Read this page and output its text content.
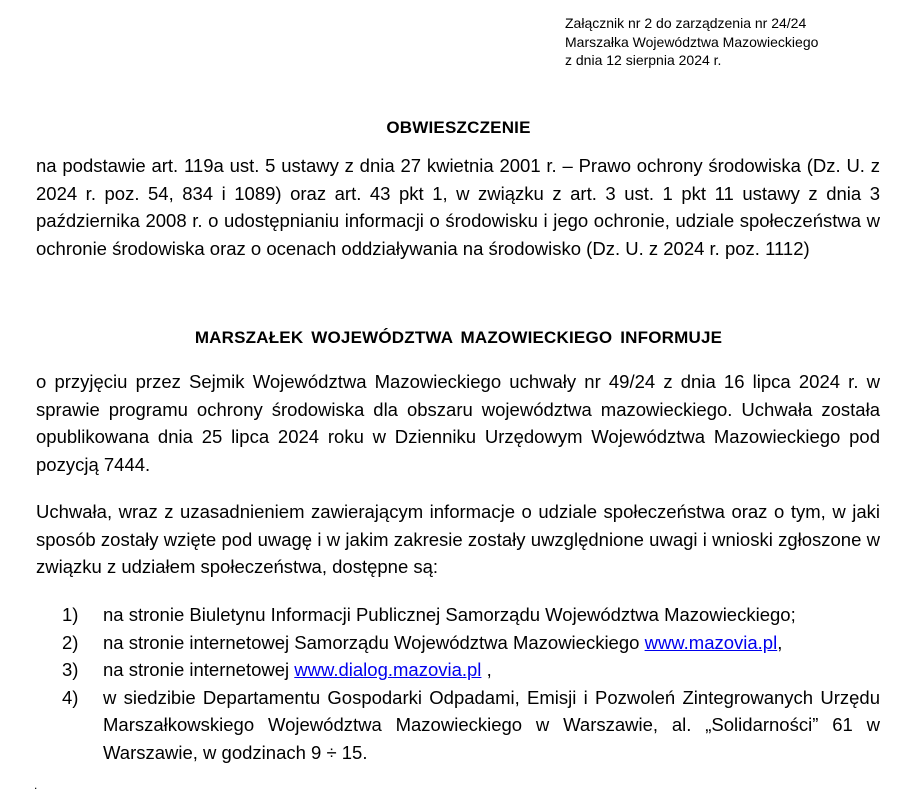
Załącznik nr 2 do zarządzenia nr 24/24
Marszałka Województwa Mazowieckiego
z dnia 12 sierpnia 2024 r.
OBWIESZCZENIE
na podstawie art. 119a ust. 5 ustawy z dnia 27 kwietnia 2001 r. – Prawo ochrony środowiska (Dz. U. z 2024 r. poz. 54, 834 i 1089) oraz art. 43 pkt 1, w związku z art. 3 ust. 1 pkt 11 ustawy z dnia 3 października 2008 r. o udostępnianiu informacji o środowisku i jego ochronie, udziale społeczeństwa w ochronie środowiska oraz o ocenach oddziaływania na środowisko (Dz. U. z 2024 r. poz. 1112)
MARSZAŁEK WOJEWÓDZTWA MAZOWIECKIEGO INFORMUJE
o przyjęciu przez Sejmik Województwa Mazowieckiego uchwały nr 49/24 z dnia 16 lipca 2024 r. w sprawie programu ochrony środowiska dla obszaru województwa mazowieckiego. Uchwała została opublikowana dnia 25 lipca 2024 roku w Dzienniku Urzędowym Województwa Mazowieckiego pod pozycją 7444.
Uchwała, wraz z uzasadnieniem zawierającym informacje o udziale społeczeństwa oraz o tym, w jaki sposób zostały wzięte pod uwagę i w jakim zakresie zostały uwzględnione uwagi i wnioski zgłoszone w związku z udziałem społeczeństwa, dostępne są:
1)	na stronie Biuletynu Informacji Publicznej Samorządu Województwa Mazowieckiego;
2)	na stronie internetowej Samorządu Województwa Mazowieckiego www.mazovia.pl,
3)	na stronie internetowej www.dialog.mazovia.pl ,
4)	w siedzibie Departamentu Gospodarki Odpadami, Emisji i Pozwoleń Zintegrowanych Urzędu Marszałkowskiego Województwa Mazowieckiego w Warszawie, al. „Solidarności” 61 w Warszawie, w godzinach 9 ÷ 15.
.
